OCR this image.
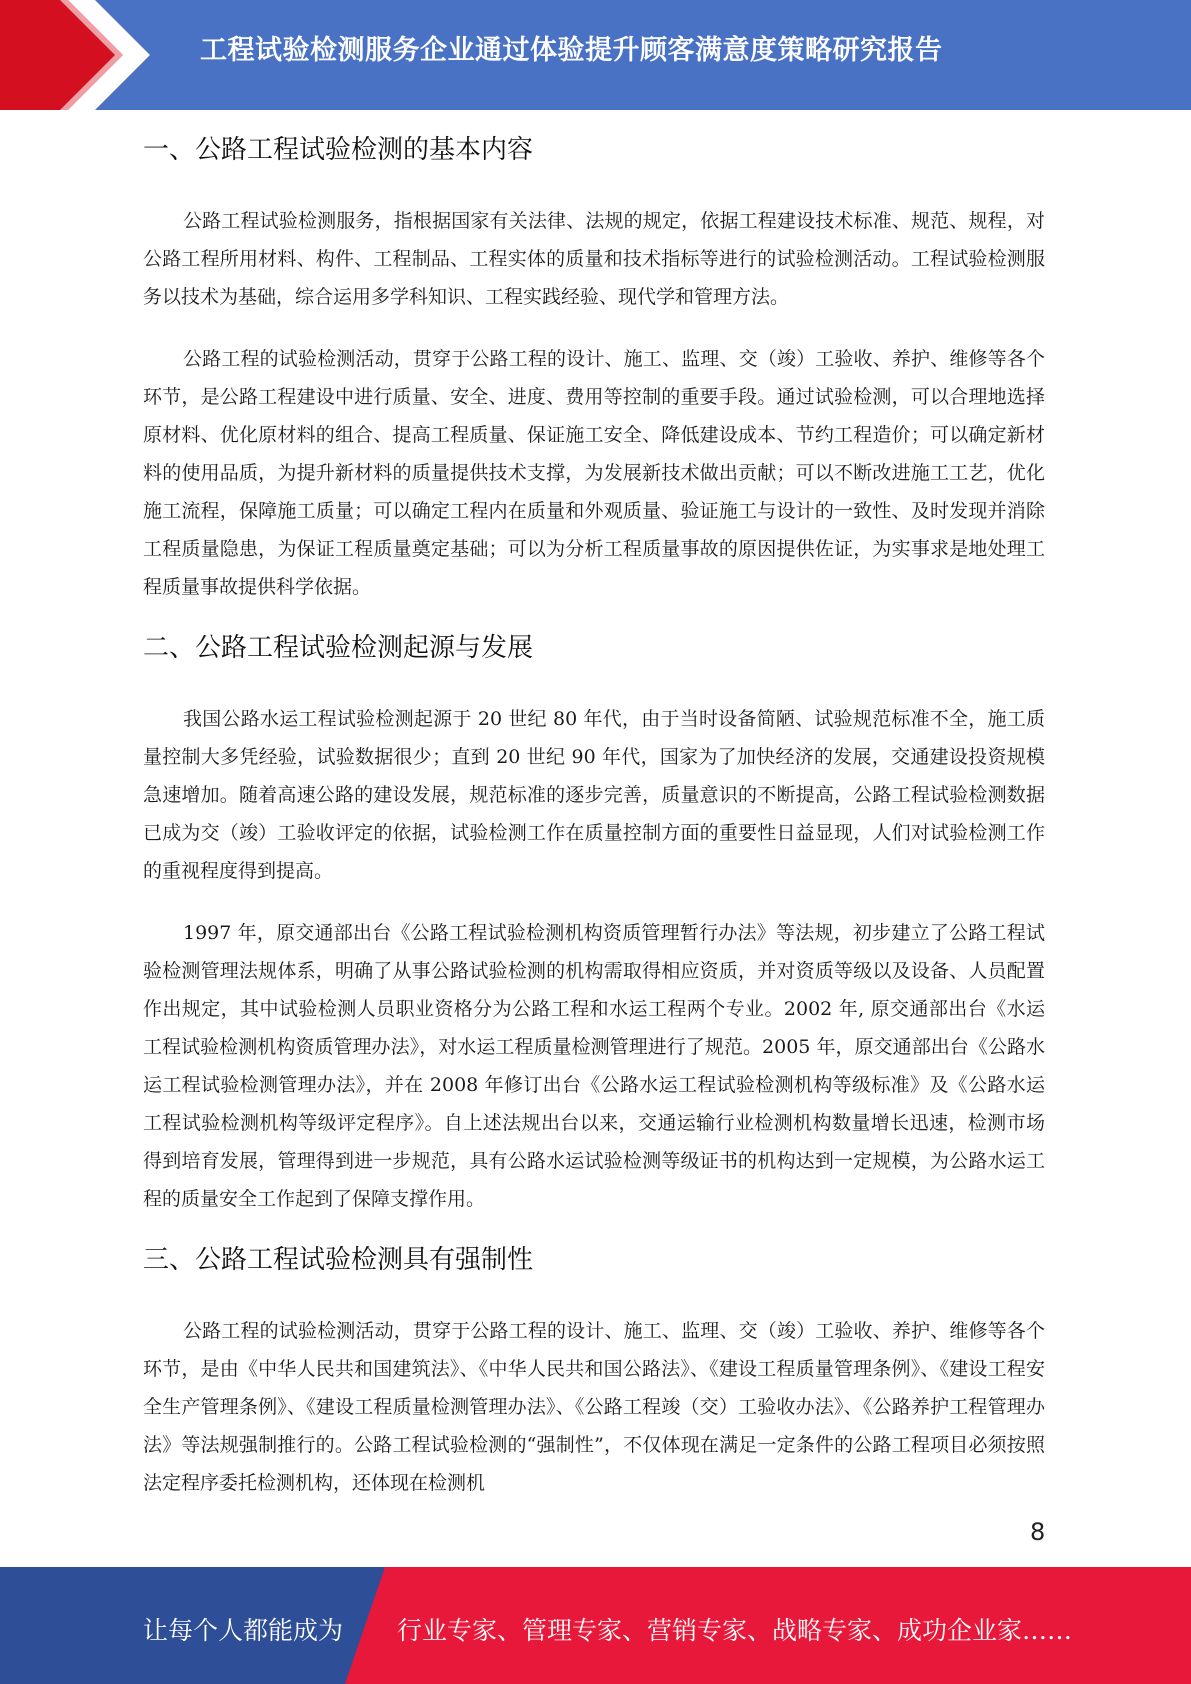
工程试验检测服务企业通过体验提升顾客满意度策略研究报告
一、公路工程试验检测的基本内容

公路工程试验检测服务，指根据国家有关法律、法规的规定，依据工程建设技术标准、规范、规程，对公路工程所用材料、构件、工程制品、工程实体的质量和技术指标等进行的试验检测活动。工程试验检测服务以技术为基础，综合运用多学科知识、工程实践经验、现代学和管理方法。

公路工程的试验检测活动，贯穿于公路工程的设计、施工、监理、交（竣）工验收、养护、维修等各个环节，是公路工程建设中进行质量、安全、进度、费用等控制的重要手段。通过试验检测，可以合理地选择原材料、优化原材料的组合、提高工程质量、保证施工安全、降低建设成本、节约工程造价；可以确定新材料的使用品质，为提升新材料的质量提供技术支撑，为发展新技术做出贡献；可以不断改进施工工艺，优化施工流程，保障施工质量；可以确定工程内在质量和外观质量、验证施工与设计的一致性、及时发现并消除工程质量隐患，为保证工程质量奠定基础；可以为分析工程质量事故的原因提供佐证，为实事求是地处理工程质量事故提供科学依据。

二、公路工程试验检测起源与发展

我国公路水运工程试验检测起源于 20 世纪 80 年代，由于当时设备简陋、试验规范标准不全，施工质量控制大多凭经验，试验数据很少；直到 20 世纪 90 年代，国家为了加快经济的发展，交通建设投资规模急速增加。随着高速公路的建设发展，规范标准的逐步完善，质量意识的不断提高，公路工程试验检测数据已成为交（竣）工验收评定的依据，试验检测工作在质量控制方面的重要性日益显现，人们对试验检测工作的重视程度得到提高。

1997 年，原交通部出台《公路工程试验检测机构资质管理暂行办法》等法规，初步建立了公路工程试验检测管理法规体系，明确了从事公路试验检测的机构需取得相应资质，并对资质等级以及设备、人员配置作出规定，其中试验检测人员职业资格分为公路工程和水运工程两个专业。2002 年, 原交通部出台《水运工程试验检测机构资质管理办法》，对水运工程质量检测管理进行了规范。2005 年，原交通部出台《公路水运工程试验检测管理办法》，并在 2008 年修订出台《公路水运工程试验检测机构等级标准》及《公路水运工程试验检测机构等级评定程序》。自上述法规出台以来，交通运输行业检测机构数量增长迅速，检测市场得到培育发展，管理得到进一步规范，具有公路水运试验检测等级证书的机构达到一定规模，为公路水运工程的质量安全工作起到了保障支撑作用。

三、公路工程试验检测具有强制性

公路工程的试验检测活动，贯穿于公路工程的设计、施工、监理、交（竣）工验收、养护、维修等各个环节，是由《中华人民共和国建筑法》、《中华人民共和国公路法》、《建设工程质量管理条例》、《建设工程安全生产管理条例》、《建设工程质量检测管理办法》、《公路工程竣（交）工验收办法》、《公路养护工程管理办法》等法规强制推行的。公路工程试验检测的“强制性”，不仅体现在满足一定条件的公路工程项目必须按照法定程序委托检测机构，还体现在检测机

8
让每个人都能成为 行业专家、管理专家、营销专家、战略专家、成功企业家……
